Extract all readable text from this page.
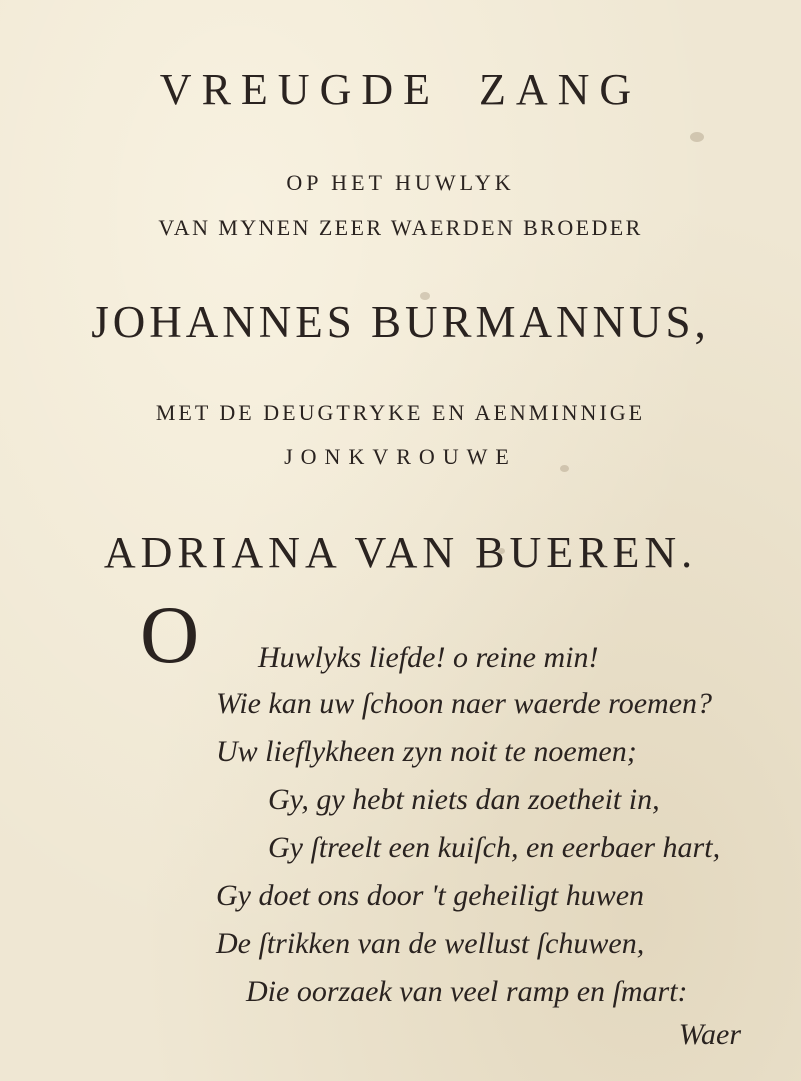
VREUGDE ZANG
OP HET HUWLYK
VAN MYNEN ZEER WAERDEN BROEDER
JOHANNES BURMANNUS,
MET DE DEUGTRYKE EN AENMINNIGE
JONKVROUWE
ADRIANA VAN BUEREN.
O Huwlyks liefde! o reine min!
Wie kan uw ſchoon naer waerde roemen?
Uw lieflykheen zyn noit te noemen;
Gy, gy hebt niets dan zoetheit in,
Gy ſtreelt een kuiſch, en eerbaer hart,
Gy doet ons door 't geheiligt huwen
De ſtrikken van de wellust ſchuwen,
Die oorzaek van veel ramp en ſmart:
Waer
